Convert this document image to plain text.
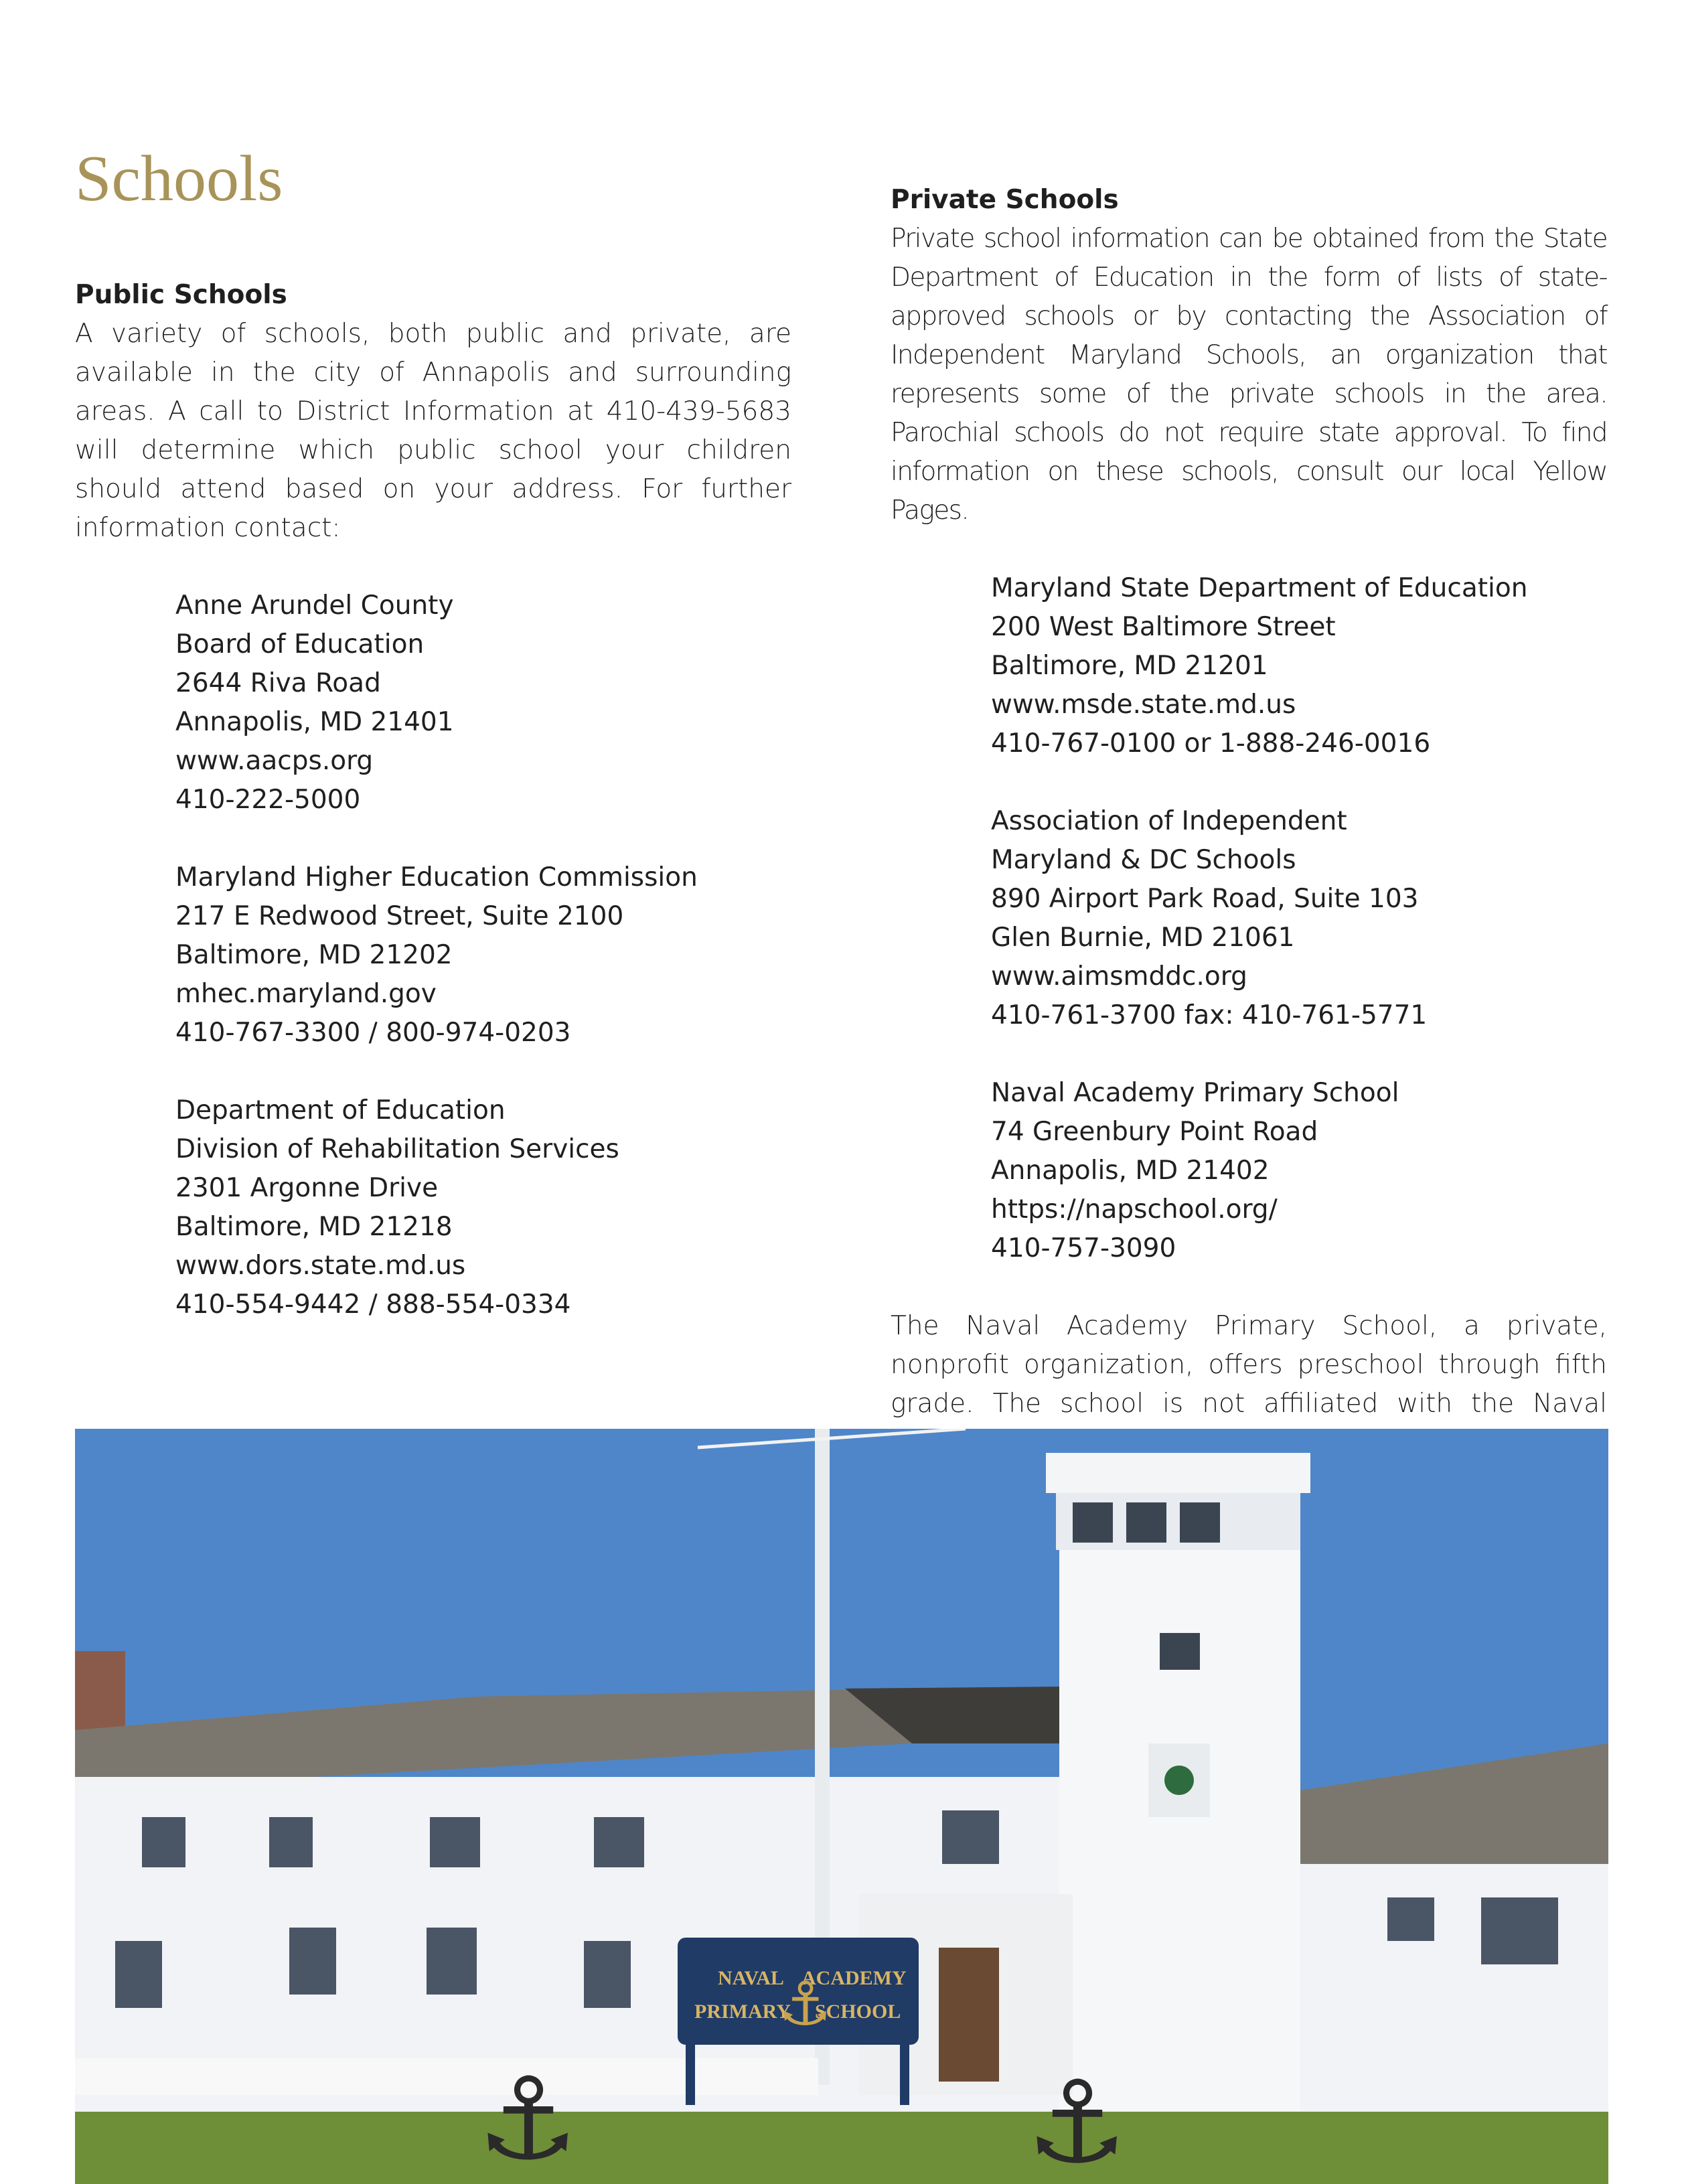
Schools
Public Schools

A variety of schools, both public and private, are available in the city of Annapolis and surrounding areas. A call to District Information at 410-439-5683 will determine which public school your children should attend based on your address. For further information contact:

Anne Arundel County
Board of Education
2644 Riva Road
Annapolis, MD 21401
www.aacps.org
410-222-5000
Maryland Higher Education Commission
217 E Redwood Street, Suite 2100
Baltimore, MD 21202
mhec.maryland.gov
410-767-3300 / 800-974-0203
Department of Education
Division of Rehabilitation Services
2301 Argonne Drive
Baltimore, MD 21218
www.dors.state.md.us
410-554-9442 / 888-554-0334
Private Schools

Private school information can be obtained from the State Department of Education in the form of lists of state-approved schools or by contacting the Association of Independent Maryland Schools, an organization that represents some of the private schools in the area. Parochial schools do not require state approval. To find information on these schools, consult our local Yellow Pages.

Maryland State Department of Education
200 West Baltimore Street
Baltimore, MD 21201
www.msde.state.md.us
410-767-0100 or 1-888-246-0016
Association of Independent
Maryland & DC Schools
890 Airport Park Road, Suite 103
Glen Burnie, MD 21061
www.aimsmddc.org
410-761-3700 fax: 410-761-5771
Naval Academy Primary School
74 Greenbury Point Road
Annapolis, MD 21402
https://napschool.org/
410-757-3090

The Naval Academy Primary School, a private, nonprofit organization, offers preschool through fifth grade. The school is not affiliated with the Naval

NAVAL ACADEMY
PRIMARY SCHOOL
⚓
⚓	⚓
